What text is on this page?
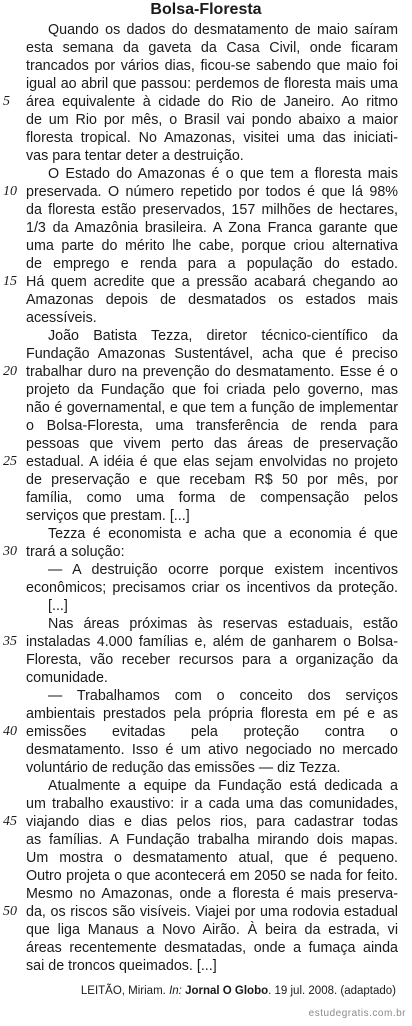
Bolsa-Floresta
Quando os dados do desmatamento de maio saíram
esta semana da gaveta da Casa Civil, onde ficaram
trancados por vários dias, ficou-se sabendo que maio foi
igual ao abril que passou: perdemos de floresta mais uma
área equivalente à cidade do Rio de Janeiro. Ao ritmo
5
de um Rio por mês, o Brasil vai pondo abaixo a maior
floresta tropical. No Amazonas, visitei uma das iniciati-
vas para tentar deter a destruição.
O Estado do Amazonas é o que tem a floresta mais
preservada. O número repetido por todos é que lá 98%
10
da floresta estão preservados, 157 milhões de hectares,
1/3 da Amazônia brasileira. A Zona Franca garante que
uma parte do mérito lhe cabe, porque criou alternativa
de emprego e renda para a população do estado.
Há quem acredite que a pressão acabará chegando ao
15
Amazonas depois de desmatados os estados mais
acessíveis.
João Batista Tezza, diretor técnico-científico da
Fundação Amazonas Sustentável, acha que é preciso
trabalhar duro na prevenção do desmatamento. Esse é o
20
projeto da Fundação que foi criada pelo governo, mas
não é governamental, e que tem a função de implementar
o Bolsa-Floresta, uma transferência de renda para
pessoas que vivem perto das áreas de preservação
estadual. A idéia é que elas sejam envolvidas no projeto
25
de preservação e que recebam R$ 50 por mês, por
família, como uma forma de compensação pelos
serviços que prestam. [...]
Tezza é economista e acha que a economia é que
trará a solução:
30
— A destruição ocorre porque existem incentivos
econômicos; precisamos criar os incentivos da proteção.
[...]
Nas áreas próximas às reservas estaduais, estão
instaladas 4.000 famílias e, além de ganharem o Bolsa-
35
Floresta, vão receber recursos para a organização da
comunidade.
— Trabalhamos com o conceito dos serviços
ambientais prestados pela própria floresta em pé e as
emissões evitadas pela proteção contra o
40
desmatamento. Isso é um ativo negociado no mercado
voluntário de redução das emissões — diz Tezza.
Atualmente a equipe da Fundação está dedicada a
um trabalho exaustivo: ir a cada uma das comunidades,
viajando dias e dias pelos rios, para cadastrar todas
45
as famílias. A Fundação trabalha mirando dois mapas.
Um mostra o desmatamento atual, que é pequeno.
Outro projeta o que acontecerá em 2050 se nada for feito.
Mesmo no Amazonas, onde a floresta é mais preserva-
da, os riscos são visíveis. Viajei por uma rodovia estadual
50
que liga Manaus a Novo Airão. À beira da estrada, vi
áreas recentemente desmatadas, onde a fumaça ainda
sai de troncos queimados. [...]
LEITÃO, Miriam. In: Jornal O Globo. 19 jul. 2008. (adaptado)
estudegratis.com.br
